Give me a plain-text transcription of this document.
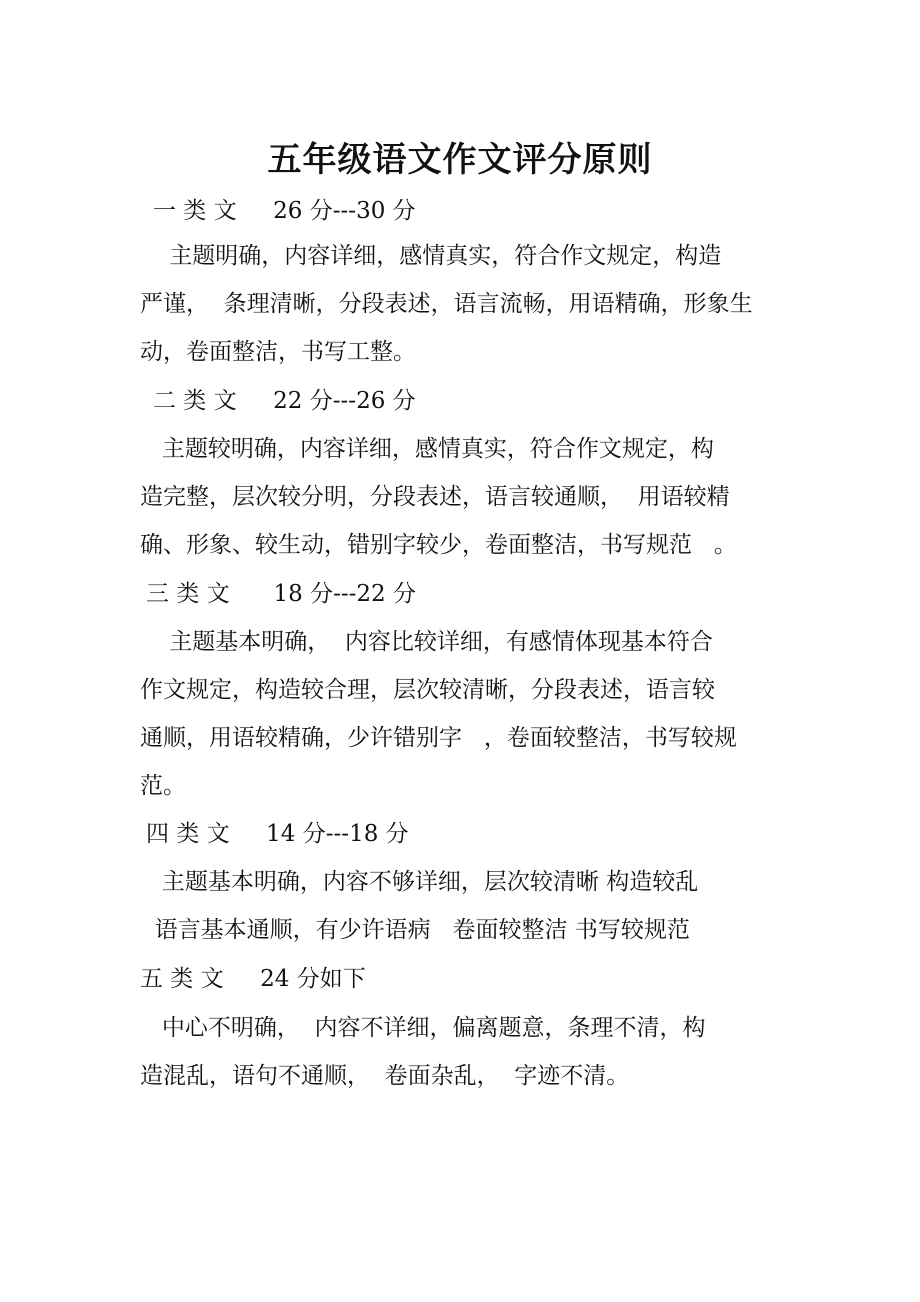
五年级语文作文评分原则
一 类 文     26 分---30 分
主题明确，内容详细，感情真实，符合作文规定，构造
严谨，  条理清晰，分段表述，语言流畅，用语精确，形象生
动，卷面整洁，书写工整。
二 类 文     22 分---26 分
主题较明确，内容详细，感情真实，符合作文规定，构
造完整，层次较分明，分段表述，语言较通顺，  用语较精
确、形象、较生动，错别字较少，卷面整洁，书写规范   。
三 类 文      18 分---22 分
主题基本明确，  内容比较详细，有感情体现基本符合
作文规定，构造较合理，层次较清晰，分段表述，语言较
通顺，用语较精确，少许错别字   ，卷面较整洁，书写较规
范。
四 类 文     14 分---18 分
主题基本明确，内容不够详细，层次较清晰 构造较乱
语言基本通顺，有少许语病   卷面较整洁 书写较规范
五 类 文     24 分如下
中心不明确，  内容不详细，偏离题意，条理不清，构
造混乱，语句不通顺，  卷面杂乱，  字迹不清。
